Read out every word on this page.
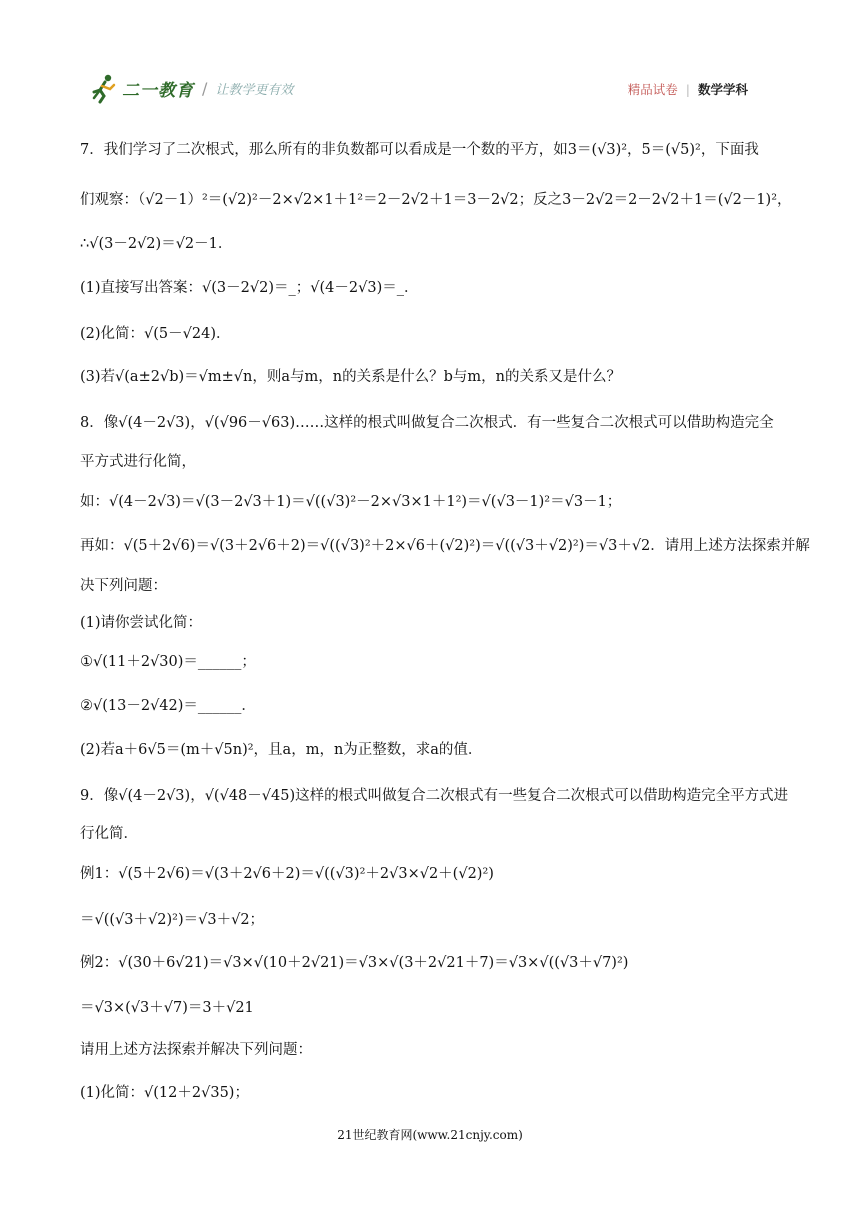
二一教育 / 让教学更有效	精品试卷 | 数学学科

7．我们学习了二次根式，那么所有的非负数都可以看成是一个数的平方，如3＝(√3)²，5＝(√5)²，下面我

们观察：（√2－1）²＝(√2)²－2×√2×1＋1²＝2－2√2＋1＝3－2√2；反之3－2√2＝2－2√2＋1＝(√2－1)²，

∴√(3－2√2)＝√2－1．

(1)直接写出答案：√(3－2√2)＝_；√(4－2√3)＝_．

(2)化简：√(5－√24)．

(3)若√(a±2√b)＝√m±√n，则a与m，n的关系是什么？b与m，n的关系又是什么？

8．像√(4－2√3)，√(√96－√63)……这样的根式叫做复合二次根式．有一些复合二次根式可以借助构造完全

平方式进行化简，

如：√(4－2√3)＝√(3－2√3＋1)＝√((√3)²－2×√3×1＋1²)＝√(√3－1)²＝√3－1；

再如：√(5＋2√6)＝√(3＋2√6＋2)＝√((√3)²＋2×√6＋(√2)²)＝√((√3＋√2)²)＝√3＋√2．请用上述方法探索并解

决下列问题：

(1)请你尝试化简：

①√(11＋2√30)＝______；

②√(13－2√42)＝______．

(2)若a＋6√5＝(m＋√5n)²，且a，m，n为正整数，求a的值．

9．像√(4－2√3)，√(√48－√45)这样的根式叫做复合二次根式有一些复合二次根式可以借助构造完全平方式进

行化简．

例1：√(5＋2√6)＝√(3＋2√6＋2)＝√((√3)²＋2√3×√2＋(√2)²)

＝√((√3＋√2)²)＝√3＋√2；

例2：√(30＋6√21)＝√3×√(10＋2√21)＝√3×√(3＋2√21＋7)＝√3×√((√3＋√7)²)

＝√3×(√3＋√7)＝3＋√21

请用上述方法探索并解决下列问题：

(1)化简：√(12＋2√35)；

21世纪教育网(www.21cnjy.com)
